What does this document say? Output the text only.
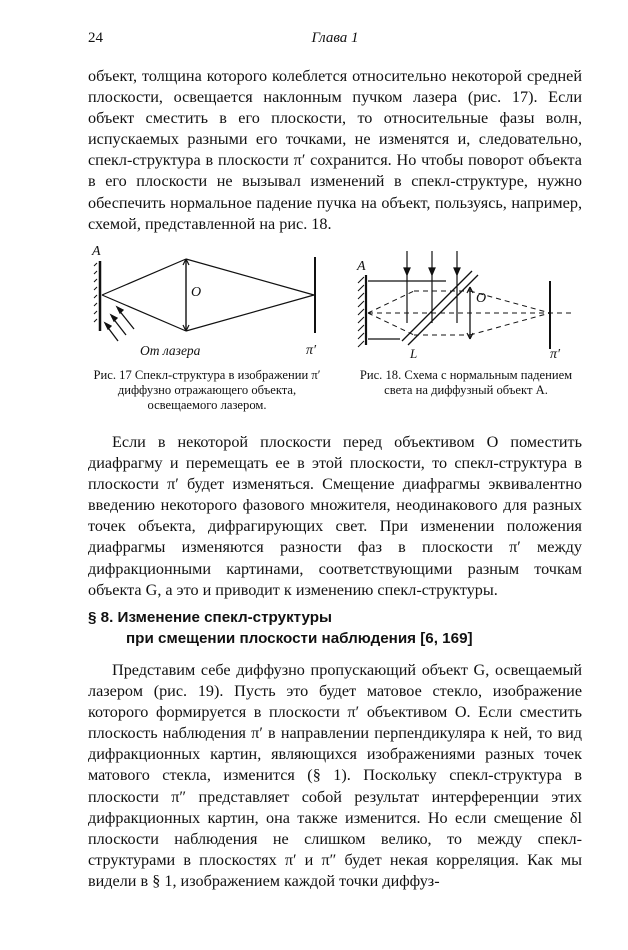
24	Глава 1

объект, толщина которого колеблется относительно некоторой средней плоскости, освещается наклонным пучком лазера (рис. 17). Если объект сместить в его плоскости, то относительные фазы волн, испускаемых разными его точками, не изменятся и, следовательно, спекл-структура в плоскости π′ сохранится. Но чтобы поворот объекта в его плоскости не вызывал изменений в спекл-структуре, нужно обеспечить нормальное падение пучка на объект, пользуясь, например, схемой, представленной на рис. 18.

A
O
От лазера	π′

Рис. 17 Спекл-структура в изображении π′ диффузно отражающего объекта, освещаемого лазером.

A
O
L	π′

Рис. 18. Схема с нормальным падением света на диффузный объект A.

Если в некоторой плоскости перед объективом O поместить диафрагму и перемещать ее в этой плоскости, то спекл-структура в плоскости π′ будет изменяться. Смещение диафрагмы эквивалентно введению некоторого фазового множителя, неодинакового для разных точек объекта, дифрагирующих свет. При изменении положения диафрагмы изменяются разности фаз в плоскости π′ между дифракционными картинами, соответствующими разным точкам объекта G, а это и приводит к изменению спекл-структуры.

§ 8. Изменение спекл-структуры
при смещении плоскости наблюдения [6, 169]

Представим себе диффузно пропускающий объект G, освещаемый лазером (рис. 19). Пусть это будет матовое стекло, изображение которого формируется в плоскости π′ объективом O. Если сместить плоскость наблюдения π′ в направлении перпендикуляра к ней, то вид дифракционных картин, являющихся изображениями разных точек матового стекла, изменится (§ 1). Поскольку спекл-структура в плоскости π″ представляет собой результат интерференции этих дифракционных картин, она также изменится. Но если смещение δl плоскости наблюдения не слишком велико, то между спекл-структурами в плоскостях π′ и π″ будет некая корреляция. Как мы видели в § 1, изображением каждой точки диффуз-
